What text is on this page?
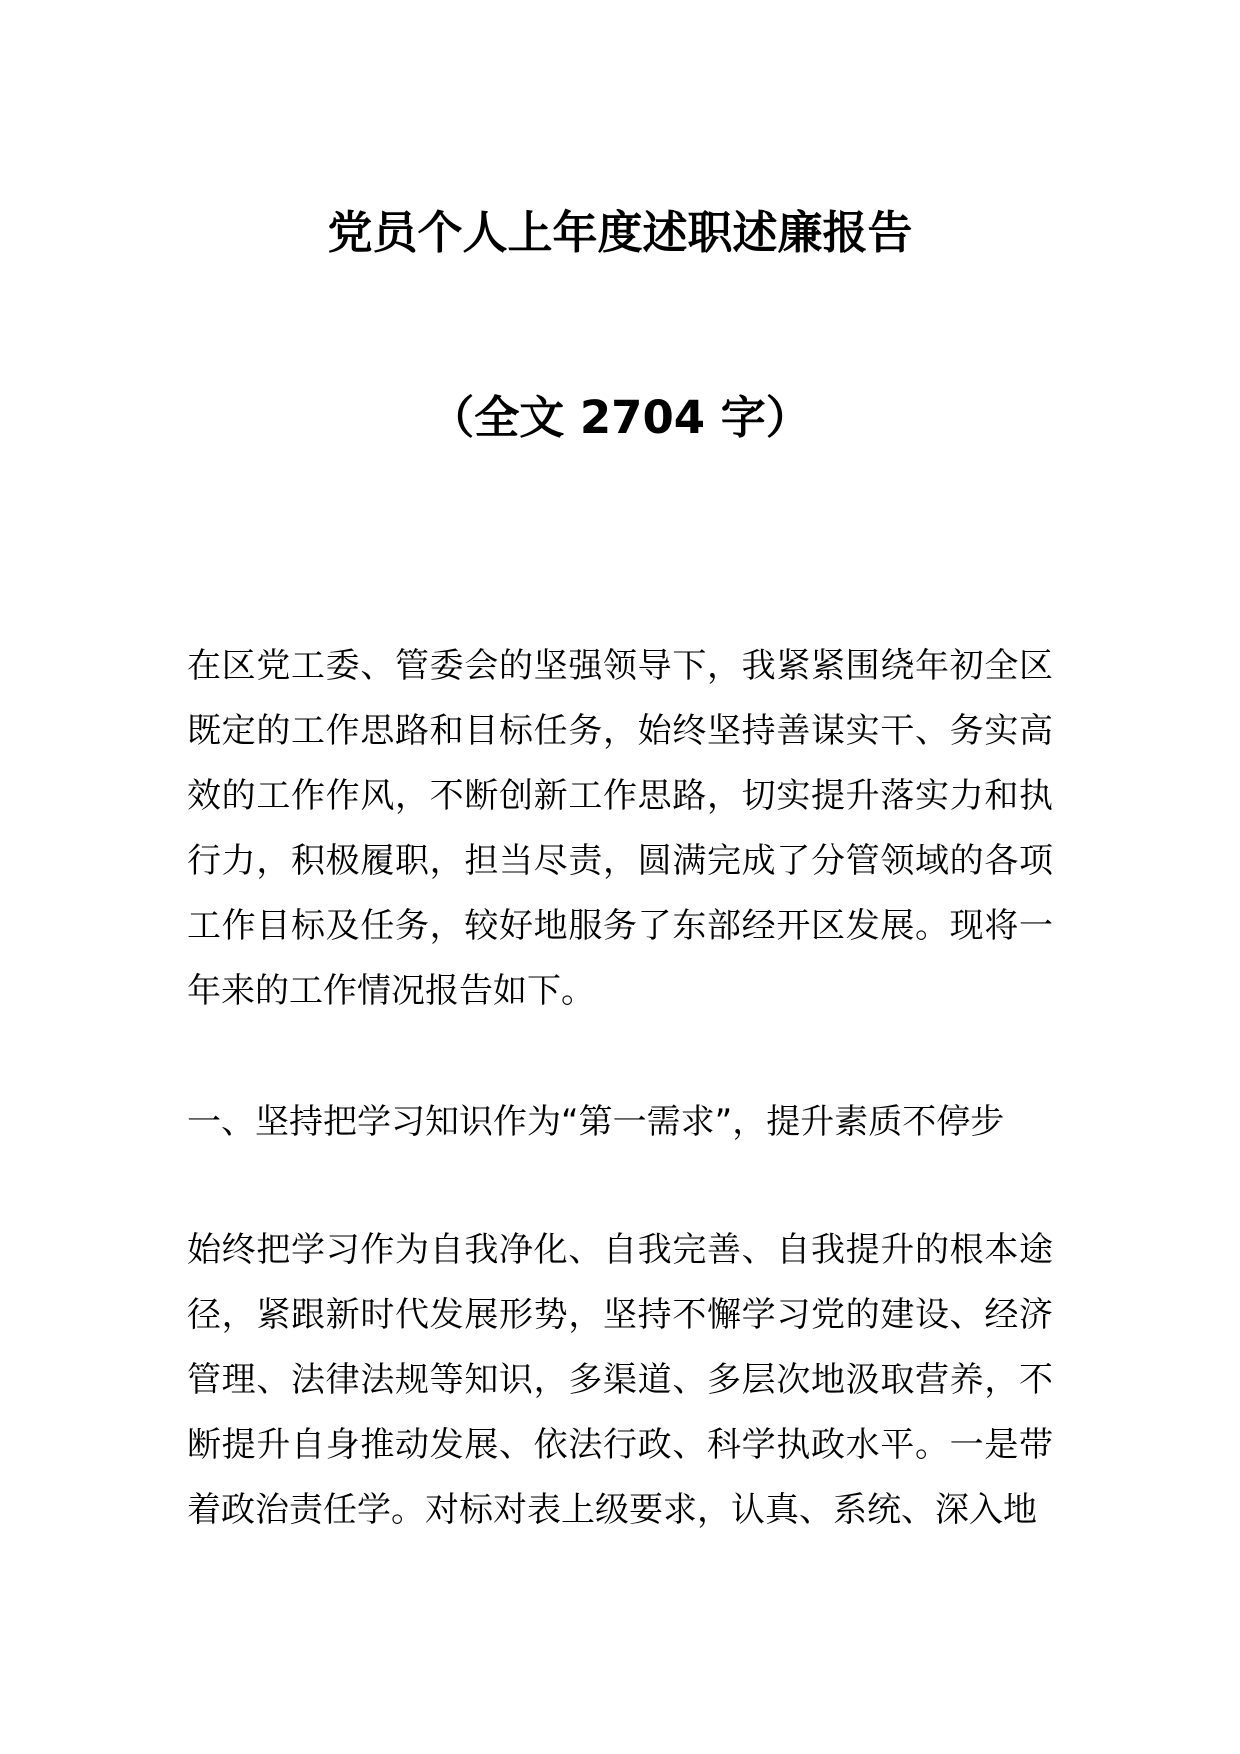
党员个人上年度述职述廉报告
（全文 2704 字）

在区党工委、管委会的坚强领导下，我紧紧围绕年初全区既定的工作思路和目标任务，始终坚持善谋实干、务实高效的工作作风，不断创新工作思路，切实提升落实力和执行力，积极履职，担当尽责，圆满完成了分管领域的各项工作目标及任务，较好地服务了东部经开区发展。现将一年来的工作情况报告如下。

一、坚持把学习知识作为“第一需求”，提升素质不停步

始终把学习作为自我净化、自我完善、自我提升的根本途径，紧跟新时代发展形势，坚持不懈学习党的建设、经济管理、法律法规等知识，多渠道、多层次地汲取营养，不断提升自身推动发展、依法行政、科学执政水平。一是带着政治责任学。对标对表上级要求，认真、系统、深入地
